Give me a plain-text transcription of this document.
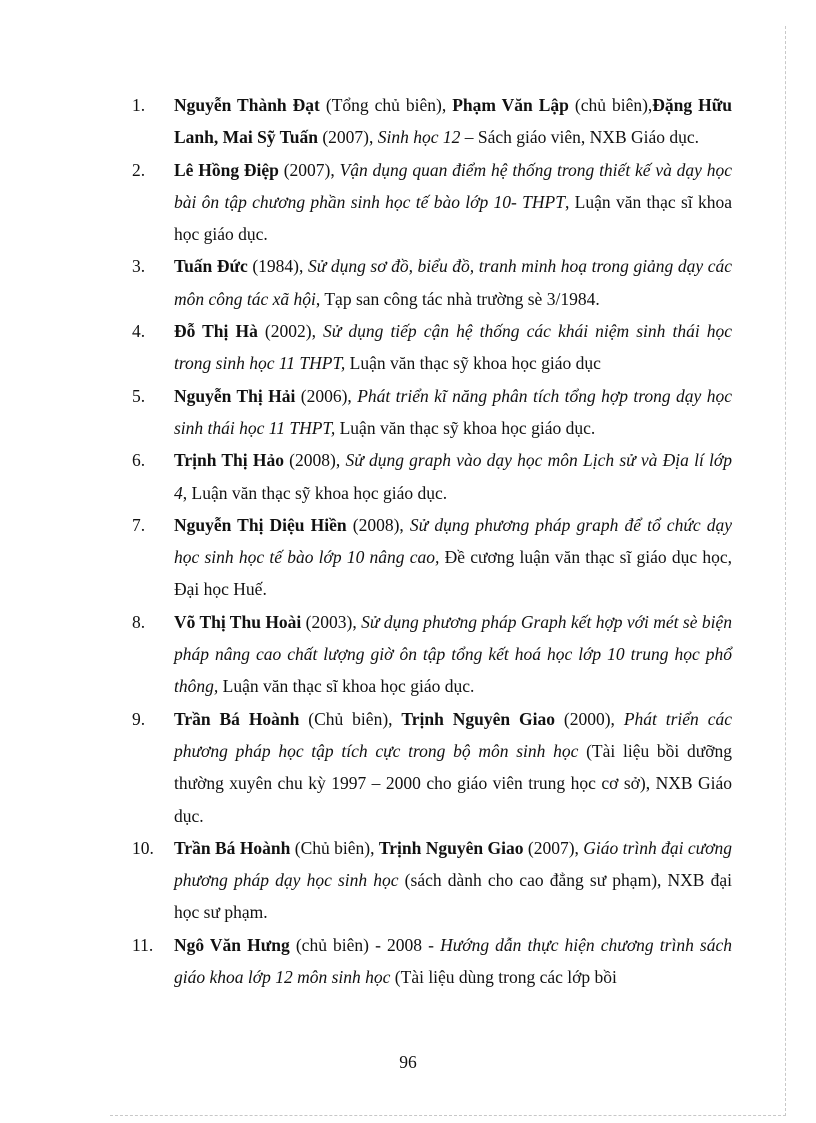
1.	Nguyễn Thành Đạt (Tổng chủ biên), Phạm Văn Lập (chủ biên),Đặng Hữu Lanh, Mai Sỹ Tuấn (2007), Sinh học 12 – Sách giáo viên, NXB Giáo dục.
2.	Lê Hồng Điệp (2007), Vận dụng quan điểm hệ thống trong thiết kế và dạy học bài ôn tập chương phần sinh học tế bào lớp 10- THPT, Luận văn thạc sĩ khoa học giáo dục.
3.	Tuấn Đức (1984), Sử dụng sơ đồ, biểu đồ, tranh minh hoạ trong giảng dạy các môn công tác xã hội, Tạp san công tác nhà trường sè 3/1984.
4.	Đỗ Thị Hà (2002), Sử dụng tiếp cận hệ thống các khái niệm sinh thái học trong sinh học 11 THPT, Luận văn thạc sỹ khoa học giáo dục
5.	Nguyễn Thị Hải (2006), Phát triển kĩ năng phân tích tổng hợp trong dạy học sinh thái học 11 THPT, Luận văn thạc sỹ khoa học giáo dục.
6.	Trịnh Thị Hảo (2008), Sử dụng graph vào dạy học môn Lịch sử và Địa lí lớp 4, Luận văn thạc sỹ khoa học giáo dục.
7.	Nguyễn Thị Diệu Hiền (2008), Sử dụng phương pháp graph để tổ chức dạy học sinh học tế bào lớp 10 nâng cao, Đề cương luận văn thạc sĩ giáo dục học, Đại học Huế.
8.	Võ Thị Thu Hoài (2003), Sử dụng phương pháp Graph kết hợp với mét sè biện pháp nâng cao chất lượng giờ ôn tập tổng kết hoá học lớp 10 trung học phổ thông, Luận văn thạc sĩ khoa học giáo dục.
9.	Trần Bá Hoành (Chủ biên), Trịnh Nguyên Giao (2000), Phát triển các phương pháp học tập tích cực trong bộ môn sinh học (Tài liệu bồi dưỡng thường xuyên chu kỳ 1997 – 2000 cho giáo viên trung học cơ sở), NXB Giáo dục.
10.	Trần Bá Hoành (Chủ biên), Trịnh Nguyên Giao (2007), Giáo trình đại cương phương pháp dạy học sinh học (sách dành cho cao đẳng sư phạm), NXB đại học sư phạm.
11.	Ngô Văn Hưng (chủ biên) - 2008 - Hướng dẫn thực hiện chương trình sách giáo khoa lớp 12 môn sinh học (Tài liệu dùng trong các lớp bồi
96
